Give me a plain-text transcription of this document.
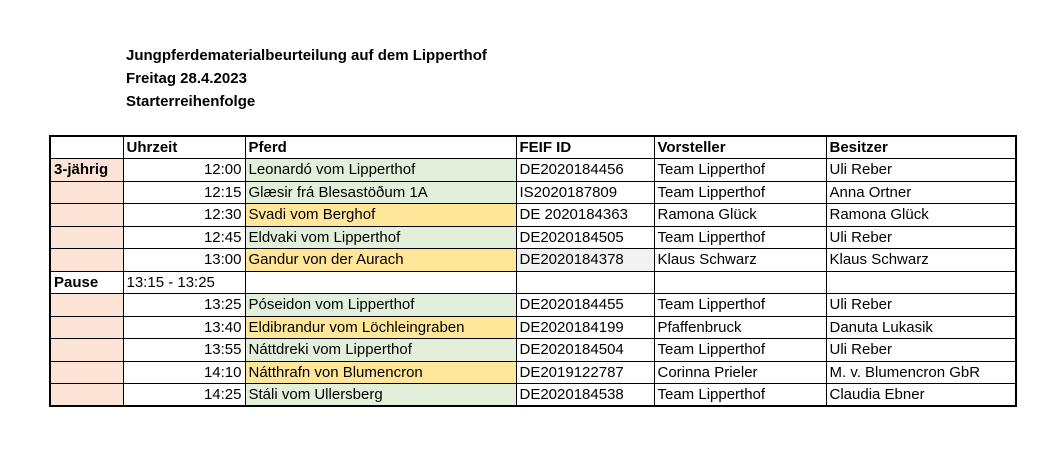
Jungpferdematerialbeurteilung auf dem Lipperthof
Freitag 28.4.2023
Starterreihenfolge
	Uhrzeit	Pferd	FEIF ID	Vorsteller	Besitzer
3-jährig	12:00	Leonardó vom Lipperthof	DE2020184456	Team Lipperthof	Uli Reber
	12:15	Glæsir frá Blesastöðum 1A	IS2020187809	Team Lipperthof	Anna Ortner
	12:30	Svadi vom Berghof	DE 2020184363	Ramona Glück	Ramona Glück
	12:45	Eldvaki vom Lipperthof	DE2020184505	Team Lipperthof	Uli Reber
	13:00	Gandur von der Aurach	DE2020184378	Klaus Schwarz	Klaus Schwarz
Pause	13:15 - 13:25				
	13:25	Póseidon vom Lipperthof	DE2020184455	Team Lipperthof	Uli Reber
	13:40	Eldibrandur vom Löchleingraben	DE2020184199	Pfaffenbruck	Danuta Lukasik
	13:55	Náttdreki vom Lipperthof	DE2020184504	Team Lipperthof	Uli Reber
	14:10	Nátthrafn von Blumencron	DE2019122787	Corinna Prieler	M. v. Blumencron GbR
	14:25	Stáli vom Ullersberg	DE2020184538	Team Lipperthof	Claudia Ebner
